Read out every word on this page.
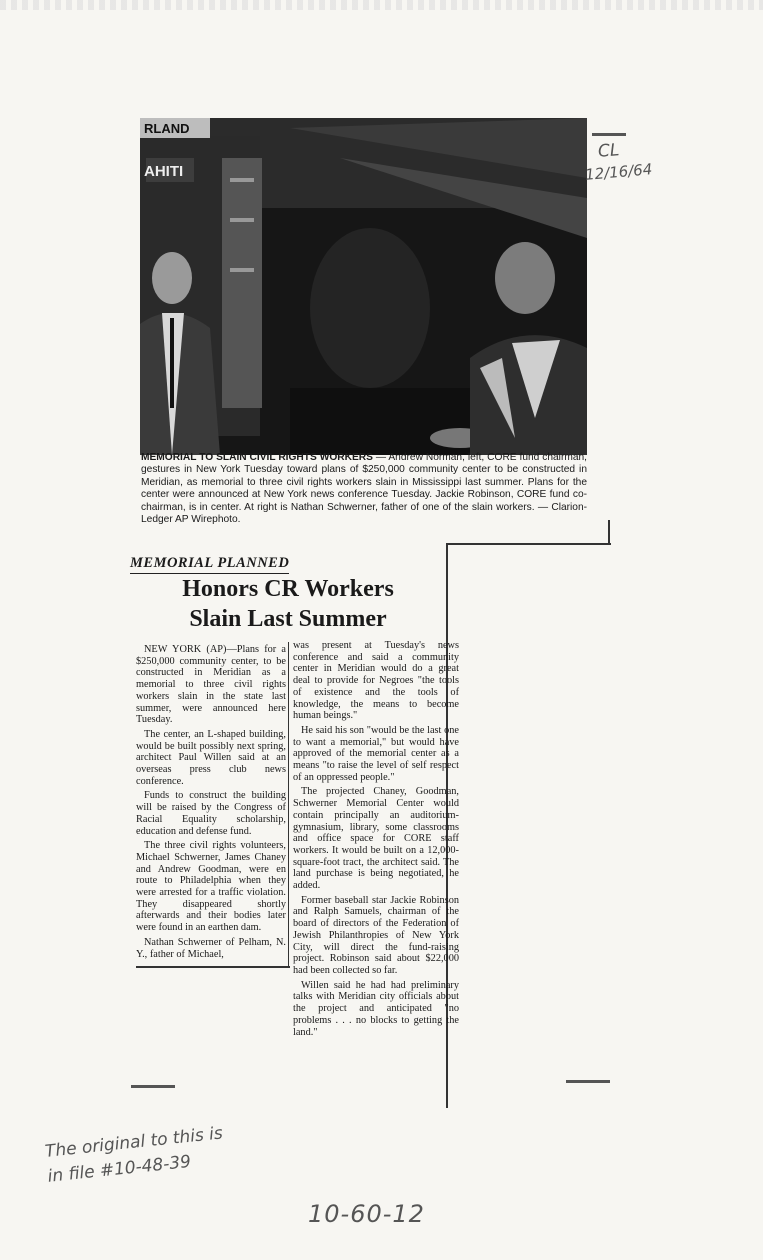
RLAND
AHITI
CL
12/16/64
MEMORIAL TO SLAIN CIVIL RIGHTS WORKERS — Andrew Norman, left, CORE fund chairman, gestures in New York Tuesday toward plans of $250,000 community center to be constructed in Meridian, as memorial to three civil rights workers slain in Mississippi last summer. Plans for the center were announced at New York news conference Tuesday. Jackie Robinson, CORE fund co-chairman, is in center. At right is Nathan Schwerner, father of one of the slain workers. — Clarion-Ledger AP Wirephoto.
MEMORIAL PLANNED
Honors CR Workers
Slain Last Summer

NEW YORK (AP)—Plans for a $250,000 community center, to be constructed in Meridian as a memorial to three civil rights workers slain in the state last summer, were announced here Tuesday.

The center, an L-shaped building, would be built possibly next spring, architect Paul Willen said at an overseas press club news conference.

Funds to construct the building will be raised by the Congress of Racial Equality scholarship, education and defense fund.

The three civil rights volunteers, Michael Schwerner, James Chaney and Andrew Goodman, were en route to Philadelphia when they were arrested for a traffic violation. They disappeared shortly afterwards and their bodies later were found in an earthen dam.

Nathan Schwerner of Pelham, N. Y., father of Michael,

was present at Tuesday's news conference and said a community center in Meridian would do a great deal to provide for Negroes "the tools of existence and the tools of knowledge, the means to become human beings."

He said his son "would be the last one to want a memorial," but would have approved of the memorial center as a means "to raise the level of self respect of an oppressed people."

The projected Chaney, Goodman, Schwerner Memorial Center would contain principally an auditorium-gymnasium, library, some classrooms and office space for CORE staff workers. It would be built on a 12,000-square-foot tract, the architect said. The land purchase is being negotiated, he added.

Former baseball star Jackie Robinson and Ralph Samuels, chairman of the board of directors of the Federation of Jewish Philanthropies of New York City, will direct the fund-raising project. Robinson said about $22,000 had been collected so far.

Willen said he had had preliminary talks with Meridian city officials about the project and anticipated "no problems . . . no blocks to getting the land."

The original to this is in file #10-48-39
10-60-12
